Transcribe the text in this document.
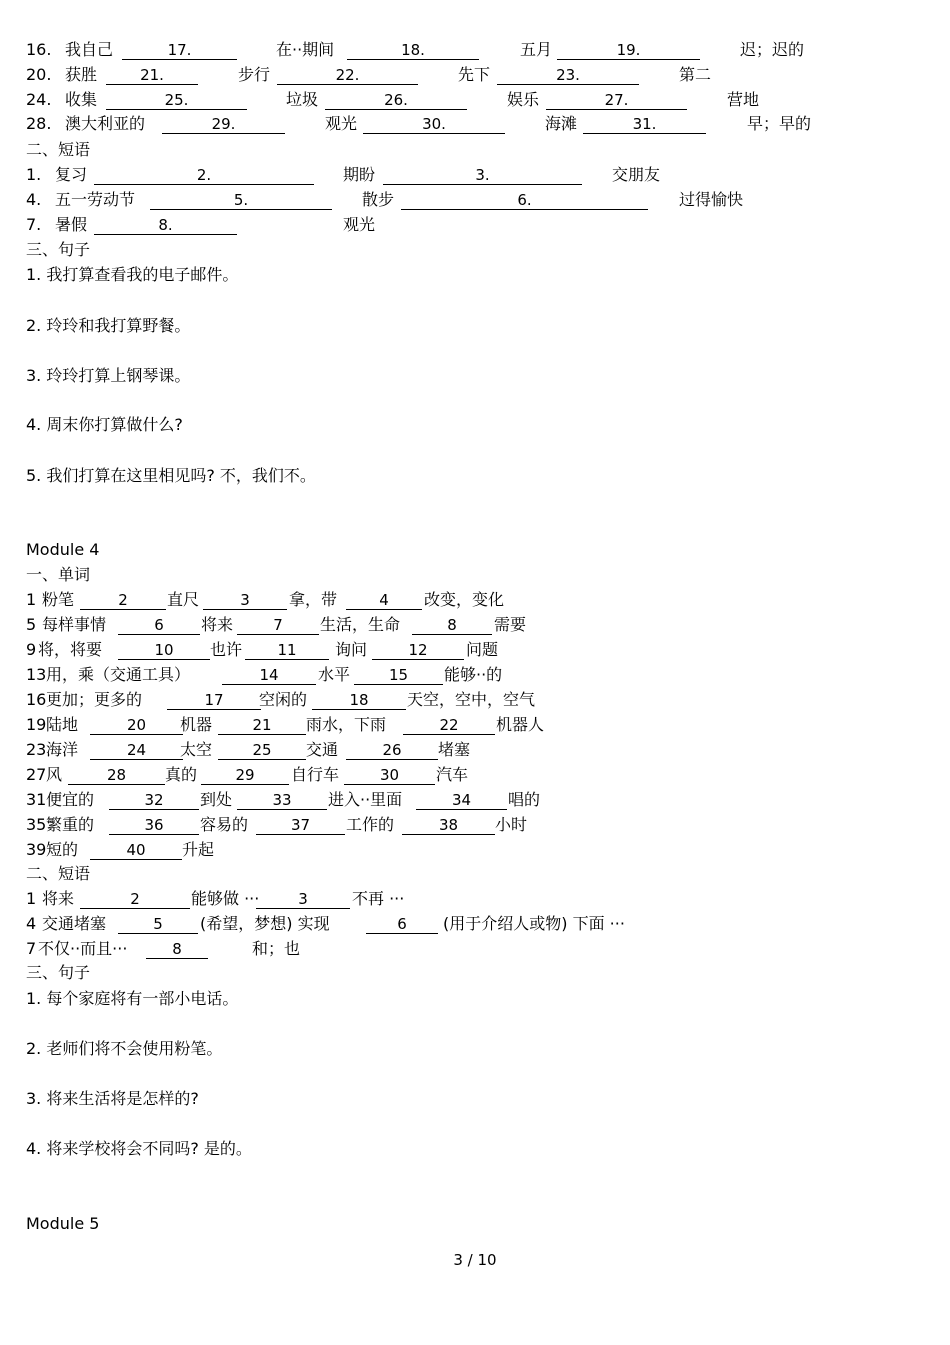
16. 我自己	17.	在··期间	18.	五月	19.	迟；迟的
20. 获胜	21.	步行	22.	先下	23.	第二
24. 收集	25.	垃圾	26.	娱乐	27.	营地
28. 澳大利亚的	29.	观光	30.	海滩	31.	早；早的
二、短语
1. 复习	2.	期盼	3.	交朋友
4. 五一劳动节	5.	散步	6.	过得愉快
7. 暑假	8.	观光
三、句子
1. 我打算查看我的电子邮件。
2. 玲玲和我打算野餐。
3. 玲玲打算上钢琴课。
4. 周末你打算做什么?
5. 我们打算在这里相见吗? 不，我们不。
Module 4
一、单词
1 粉笔	2	直尺	3	拿，带	4	改变，变化
5 每样事情	6	将来	7	生活，生命	8	需要
9 将，将要	10	也许	11	询问	12	问题
13 用，乘（交通工具）	14	水平	15	能够··的
16 更加；更多的	17	空闲的	18	天空，空中，空气
19 陆地	20	机器	21	雨水，下雨	22	机器人
23 海洋	24	太空	25	交通	26	堵塞
27 风	28	真的	29	自行车	30	汽车
31 便宜的	32	到处	33	进入··里面	34	唱的
35 繁重的	36	容易的	37	工作的	38	小时
39 短的	40	升起
二、短语
1 将来	2	能够做 ···	3	不再 ···
4 交通堵塞	5	(希望，梦想) 实现	6	(用于介绍人或物) 下面 ···
7 不仅··而且···	8	和；也
三、句子
1. 每个家庭将有一部小电话。
2. 老师们将不会使用粉笔。
3. 将来生活将是怎样的?
4. 将来学校将会不同吗? 是的。
Module 5
3 / 10
